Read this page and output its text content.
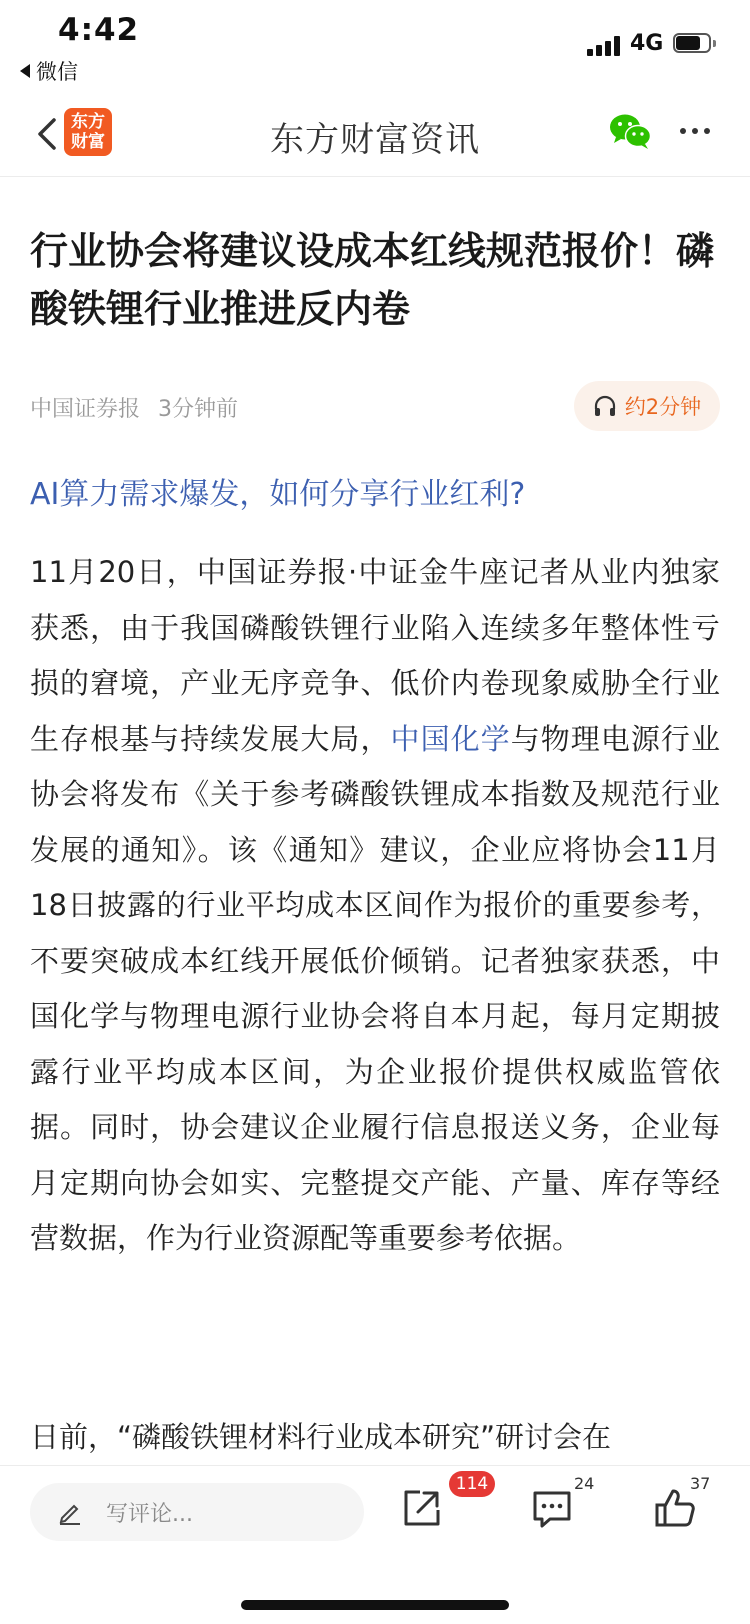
4:42
微信
4G
东方
财富	东方财富资讯
行业协会将建议设成本红线规范报价！磷酸铁锂行业推进反内卷
中国证券报 3分钟前	约2分钟
AI算力需求爆发，如何分享行业红利?
11月20日，中国证券报·中证金牛座记者从业内独家获悉，由于我国磷酸铁锂行业陷入连续多年整体性亏损的窘境，产业无序竞争、低价内卷现象威胁全行业生存根基与持续发展大局，中国化学与物理电源行业协会将发布《关于参考磷酸铁锂成本指数及规范行业发展的通知》。该《通知》建议，企业应将协会11月18日披露的行业平均成本区间作为报价的重要参考，不要突破成本红线开展低价倾销。记者独家获悉，中国化学与物理电源行业协会将自本月起，每月定期披露行业平均成本区间，为企业报价提供权威监管依据。同时，协会建议企业履行信息报送义务，企业每月定期向协会如实、完整提交产能、产量、库存等经营数据，作为行业资源配等重要参考依据。
日前，“磷酸铁锂材料行业成本研究”研讨会在
写评论...
114	24	37
